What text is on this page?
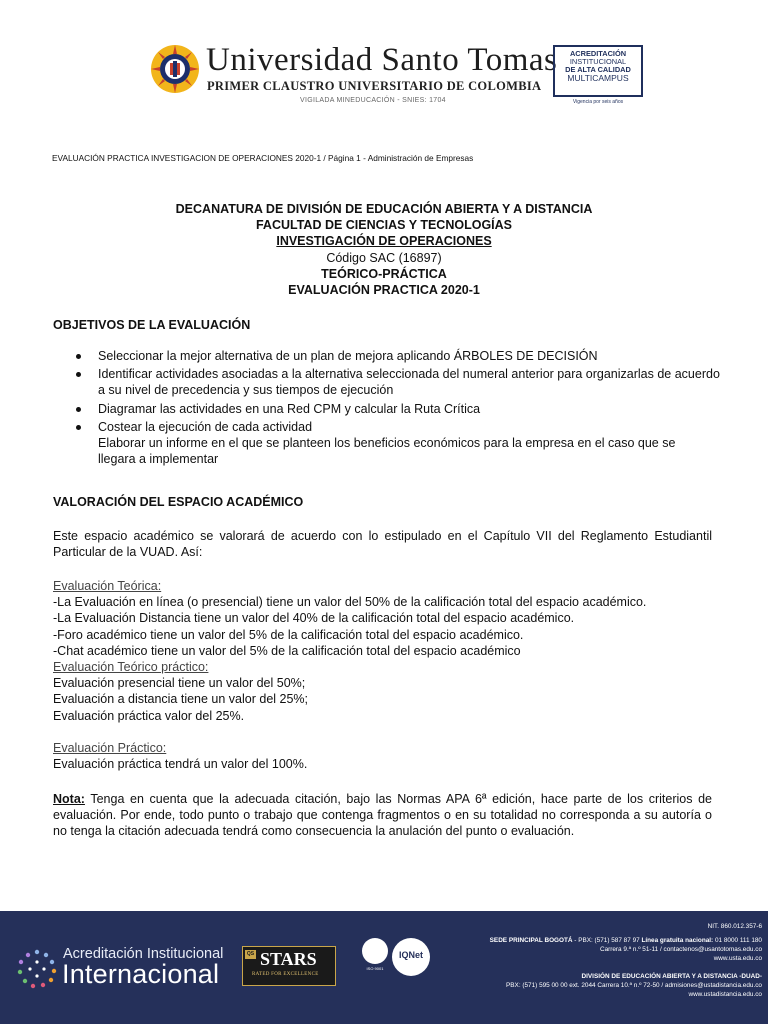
Universidad Santo Tomas
PRIMER CLAUSTRO UNIVERSITARIO DE COLOMBIA
VIGILADA MINEDUCACIÓN - SNIES: 1704
ACREDITACIÓN
INSTITUCIONAL
DE ALTA CALIDAD
MULTICAMPUS
Vigencia por seis años
EVALUACIÓN PRACTICA INVESTIGACION DE OPERACIONES 2020-1 / Página 1 - Administración de Empresas
DECANATURA DE DIVISIÓN DE EDUCACIÓN ABIERTA Y A DISTANCIA
FACULTAD DE CIENCIAS Y TECNOLOGÍAS
INVESTIGACIÓN DE OPERACIONES
Código SAC (16897)
TEÓRICO-PRÁCTICA
EVALUACIÓN PRACTICA 2020-1
OBJETIVOS DE LA EVALUACIÓN
Seleccionar la mejor alternativa de un plan de mejora aplicando ÁRBOLES DE DECISIÓN
Identificar actividades asociadas a la alternativa seleccionada del numeral anterior para organizarlas de acuerdo a su nivel de precedencia y sus tiempos de ejecución
Diagramar las actividades en una Red CPM y calcular la Ruta Crítica
Costear la ejecución de cada actividad
Elaborar un informe en el que se planteen los beneficios económicos para la empresa en el caso que se llegara a implementar
VALORACIÓN DEL ESPACIO ACADÉMICO
Este espacio académico se valorará de acuerdo con lo estipulado en el Capítulo VII del Reglamento Estudiantil Particular de la VUAD. Así:
Evaluación Teórica:
-La Evaluación en línea (o presencial) tiene un valor del 50% de la calificación total del espacio académico.
-La Evaluación Distancia tiene un valor del 40% de la calificación total del espacio académico.
-Foro académico tiene un valor del 5% de la calificación total del espacio académico.
-Chat académico tiene un valor del 5% de la calificación total del espacio académico
Evaluación Teórico práctico:
Evaluación presencial tiene un valor del 50%;
Evaluación a distancia tiene un valor del 25%;
Evaluación práctica valor del 25%.
Evaluación Práctico:
Evaluación práctica tendrá un valor del 100%.
Nota: Tenga en cuenta que la adecuada citación, bajo las Normas APA 6ª edición, hace parte de los criterios de evaluación. Por ende, todo punto o trabajo que contenga fragmentos o en su totalidad no corresponda a su autoría o no tenga la citación adecuada tendrá como consecuencia la anulación del punto o evaluación.
Acreditación Institucional
Internacional
QS STARS
RATED FOR EXCELLENCE
ISO 9001
IQNet
NIT. 860.012.357-6
SEDE PRINCIPAL BOGOTÁ - PBX: (571) 587 87 97 Línea gratuita nacional: 01 8000 111 180
Carrera 9.ª n.º 51-11 / contactenos@usantotomas.edu.co
www.usta.edu.co
DIVISIÓN DE EDUCACIÓN ABIERTA Y A DISTANCIA -DUAD-
PBX: (571) 595 00 00 ext. 2044 Carrera 10.ª n.º 72-50 / admisiones@ustadistancia.edu.co
www.ustadistancia.edu.co
